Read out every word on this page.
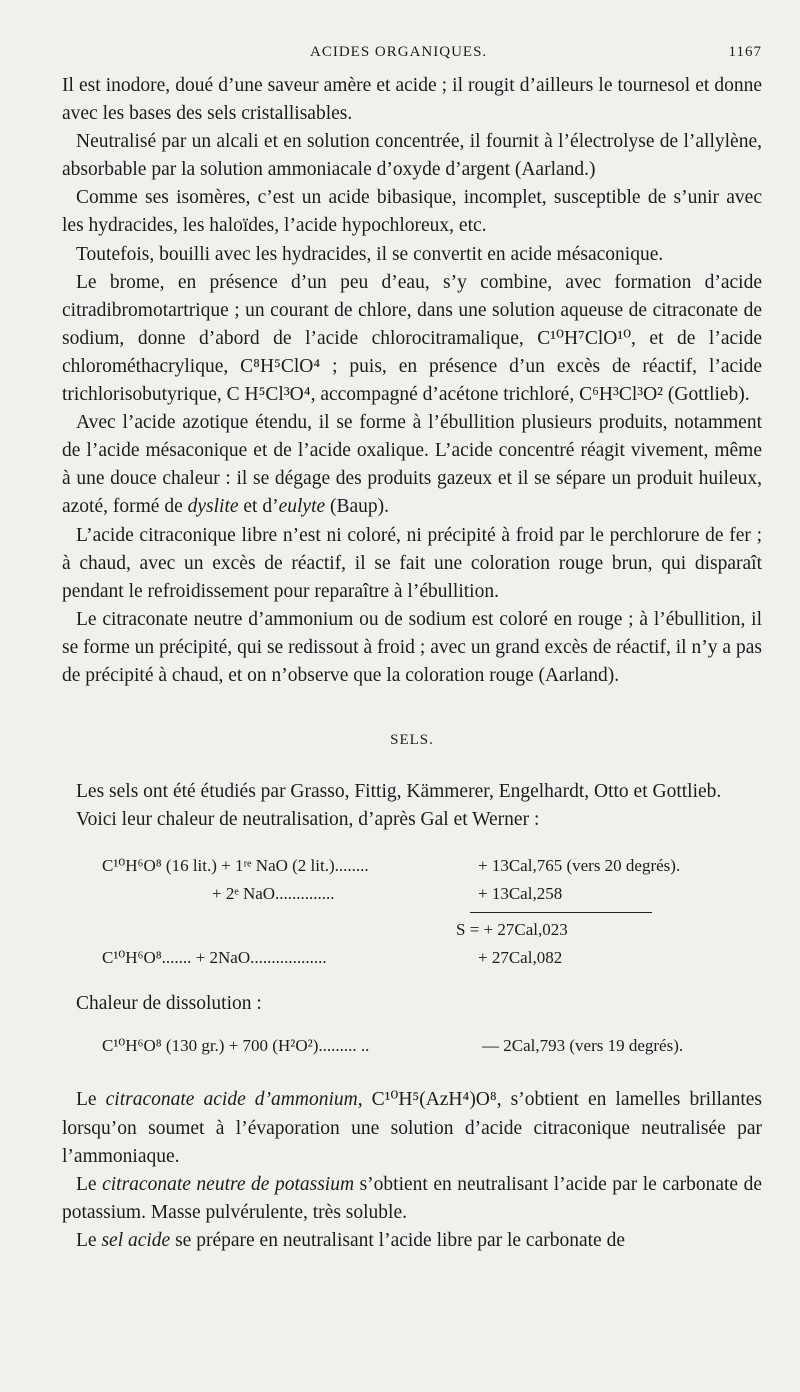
ACIDES ORGANIQUES.	1167

Il est inodore, doué d’une saveur amère et acide ; il rougit d’ailleurs le tournesol et donne avec les bases des sels cristallisables.

Neutralisé par un alcali et en solution concentrée, il fournit à l’électrolyse de l’allylène, absorbable par la solution ammoniacale d’oxyde d’argent (Aarland.)

Comme ses isomères, c’est un acide bibasique, incomplet, susceptible de s’unir avec les hydracides, les haloïdes, l’acide hypochloreux, etc.

Toutefois, bouilli avec les hydracides, il se convertit en acide mésaconique.

Le brome, en présence d’un peu d’eau, s’y combine, avec formation d’acide citradibromotartrique ; un courant de chlore, dans une solution aqueuse de citraconate de sodium, donne d’abord de l’acide chlorocitramalique, C¹⁰H⁷ClO¹⁰, et de l’acide chlorométhacrylique, C⁸H⁵ClO⁴ ; puis, en présence d’un excès de réactif, l’acide trichlorisobutyrique, C H⁵Cl³O⁴, accompagné d’acétone trichloré, C⁶H³Cl³O² (Gottlieb).

Avec l’acide azotique étendu, il se forme à l’ébullition plusieurs produits, notamment de l’acide mésaconique et de l’acide oxalique. L’acide concentré réagit vivement, même à une douce chaleur : il se dégage des produits gazeux et il se sépare un produit huileux, azoté, formé de dyslite et d’eulyte (Baup).

L’acide citraconique libre n’est ni coloré, ni précipité à froid par le perchlorure de fer ; à chaud, avec un excès de réactif, il se fait une coloration rouge brun, qui disparaît pendant le refroidissement pour reparaître à l’ébullition.

Le citraconate neutre d’ammonium ou de sodium est coloré en rouge ; à l’ébullition, il se forme un précipité, qui se redissout à froid ; avec un grand excès de réactif, il n’y a pas de précipité à chaud, et on n’observe que la coloration rouge (Aarland).

SELS.

Les sels ont été étudiés par Grasso, Fittig, Kämmerer, Engelhardt, Otto et Gottlieb.

Voici leur chaleur de neutralisation, d’après Gal et Werner :

C¹⁰H⁶O⁸ (16 lit.) + 1ʳᵉ NaO (2 lit.)........	+ 13Cal,765 (vers 20 degrés).
+ 2ᵉ NaO..............	+ 13Cal,258
S = + 27Cal,023
C¹⁰H⁶O⁸....... + 2NaO..................	+ 27Cal,082

Chaleur de dissolution :

C¹⁰H⁶O⁸ (130 gr.) + 700 (H²O²)......... ..	— 2Cal,793 (vers 19 degrés).

Le citraconate acide d’ammonium, C¹⁰H⁵(AzH⁴)O⁸, s’obtient en lamelles brillantes lorsqu’on soumet à l’évaporation une solution d’acide citraconique neutralisée par l’ammoniaque.

Le citraconate neutre de potassium s’obtient en neutralisant l’acide par le carbonate de potassium. Masse pulvérulente, très soluble.

Le sel acide se prépare en neutralisant l’acide libre par le carbonate de
